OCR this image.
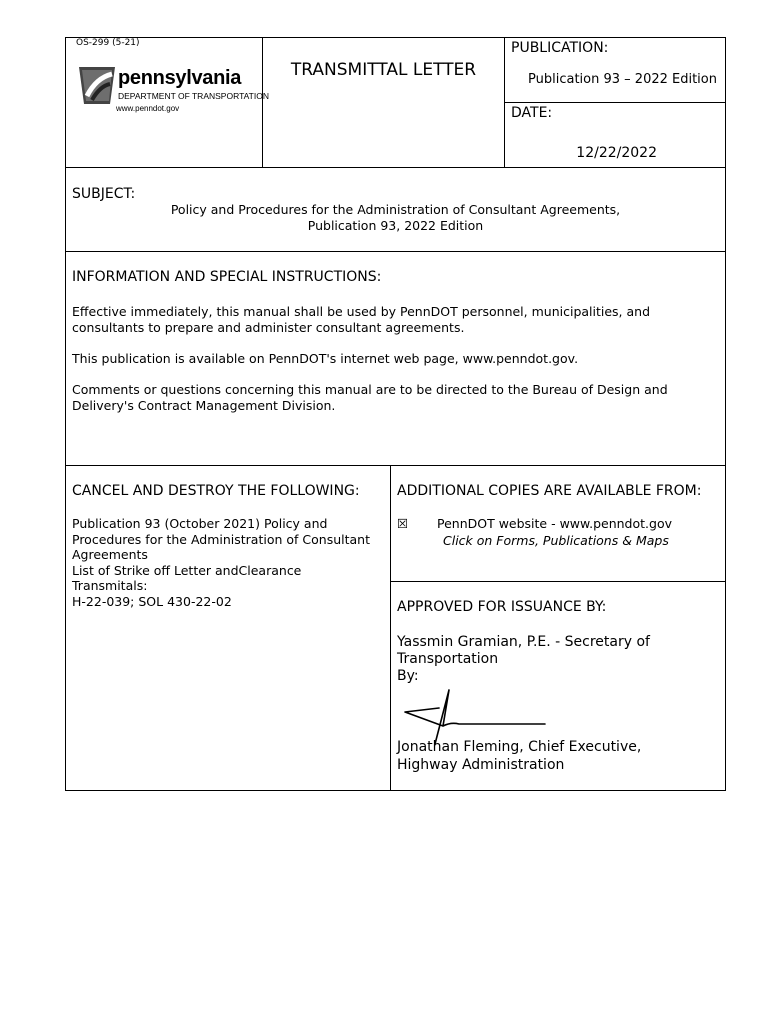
OS-299 (5-21)
pennsylvania
DEPARTMENT OF TRANSPORTATION
www.penndot.gov
TRANSMITTAL LETTER
PUBLICATION:
Publication 93 – 2022 Edition
DATE:
12/22/2022
SUBJECT:
Policy and Procedures for the Administration of Consultant Agreements,
Publication 93, 2022 Edition
INFORMATION AND SPECIAL INSTRUCTIONS:
Effective immediately, this manual shall be used by PennDOT personnel, municipalities, and consultants to prepare and administer consultant agreements.
This publication is available on PennDOT's internet web page, www.penndot.gov.
Comments or questions concerning this manual are to be directed to the Bureau of Design and Delivery's Contract Management Division.
CANCEL AND DESTROY THE FOLLOWING:
Publication 93 (October 2021) Policy and Procedures for the Administration of Consultant Agreements
List of Strike off Letter andClearance Transmitals:
H-22-039; SOL 430-22-02
ADDITIONAL COPIES ARE AVAILABLE FROM:
☒ PennDOT website - www.penndot.gov
Click on Forms, Publications & Maps
APPROVED FOR ISSUANCE BY:
Yassmin Gramian, P.E. - Secretary of Transportation
By:
Jonathan Fleming, Chief Executive, Highway Administration
